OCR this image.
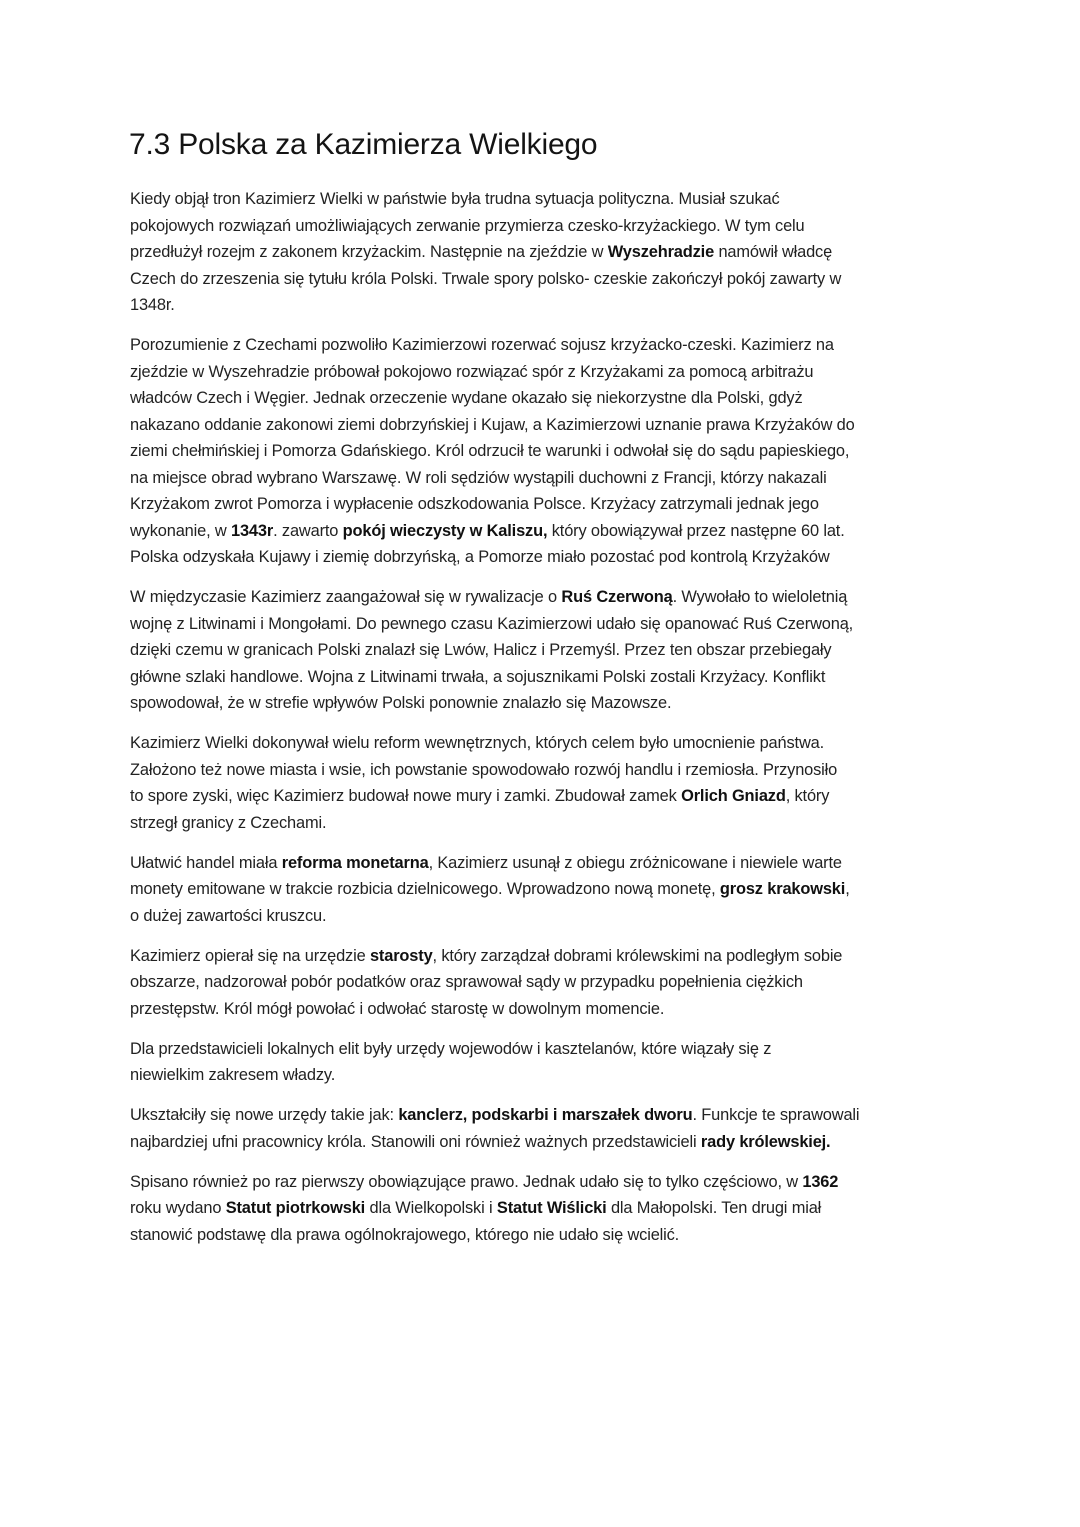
7.3 Polska za Kazimierza Wielkiego
Kiedy objął tron Kazimierz Wielki w państwie była trudna sytuacja polityczna. Musiał szukać
pokojowych rozwiązań umożliwiających zerwanie przymierza czesko-krzyżackiego. W tym celu
przedłużył rozejm z zakonem krzyżackim. Następnie na zjeździe w Wyszehradzie namówił władcę
Czech do zrzeszenia się tytułu króla Polski. Trwale spory polsko- czeskie zakończył pokój zawarty w
1348r.
Porozumienie z Czechami pozwoliło Kazimierzowi rozerwać sojusz krzyżacko-czeski. Kazimierz na
zjeździe w Wyszehradzie próbował pokojowo rozwiązać spór z Krzyżakami za pomocą arbitrażu
władców Czech i Węgier. Jednak orzeczenie wydane okazało się niekorzystne dla Polski, gdyż
nakazano oddanie zakonowi ziemi dobrzyńskiej i Kujaw, a Kazimierzowi uznanie prawa Krzyżaków do
ziemi chełmińskiej i Pomorza Gdańskiego. Król odrzucił te warunki i odwołał się do sądu papieskiego,
na miejsce obrad wybrano Warszawę. W roli sędziów wystąpili duchowni z Francji, którzy nakazali
Krzyżakom zwrot Pomorza i wypłacenie odszkodowania Polsce. Krzyżacy zatrzymali jednak jego
wykonanie, w 1343r. zawarto pokój wieczysty w Kaliszu, który obowiązywał przez następne 60 lat.
Polska odzyskała Kujawy i ziemię dobrzyńską, a Pomorze miało pozostać pod kontrolą Krzyżaków
W międzyczasie Kazimierz zaangażował się w rywalizacje o Ruś Czerwoną. Wywołało to wieloletnią
wojnę z Litwinami i Mongołami. Do pewnego czasu Kazimierzowi udało się opanować Ruś Czerwoną,
dzięki czemu w granicach Polski znalazł się Lwów, Halicz i Przemyśl. Przez ten obszar przebiegały
główne szlaki handlowe. Wojna z Litwinami trwała, a sojusznikami Polski zostali Krzyżacy. Konflikt
spowodował, że w strefie wpływów Polski ponownie znalazło się Mazowsze.
Kazimierz Wielki dokonywał wielu reform wewnętrznych, których celem było umocnienie państwa.
Założono też nowe miasta i wsie, ich powstanie spowodowało rozwój handlu i rzemiosła. Przynosiło
to spore zyski, więc Kazimierz budował nowe mury i zamki. Zbudował zamek Orlich Gniazd, który
strzegł granicy z Czechami.
Ułatwić handel miała reforma monetarna, Kazimierz usunął z obiegu zróżnicowane i niewiele warte
monety emitowane w trakcie rozbicia dzielnicowego. Wprowadzono nową monetę, grosz krakowski,
o dużej zawartości kruszcu.
Kazimierz opierał się na urzędzie starosty, który zarządzał dobrami królewskimi na podległym sobie
obszarze, nadzorował pobór podatków oraz sprawował sądy w przypadku popełnienia ciężkich
przestępstw. Król mógł powołać i odwołać starostę w dowolnym momencie.
Dla przedstawicieli lokalnych elit były urzędy wojewodów i kasztelanów, które wiązały się z
niewielkim zakresem władzy.
Ukształciły się nowe urzędy takie jak: kanclerz, podskarbi i marszałek dworu. Funkcje te sprawowali
najbardziej ufni pracownicy króla. Stanowili oni również ważnych przedstawicieli rady królewskiej.
Spisano również po raz pierwszy obowiązujące prawo. Jednak udało się to tylko częściowo, w 1362
roku wydano Statut piotrkowski dla Wielkopolski i Statut Wiślicki dla Małopolski. Ten drugi miał
stanowić podstawę dla prawa ogólnokrajowego, którego nie udało się wcielić.
